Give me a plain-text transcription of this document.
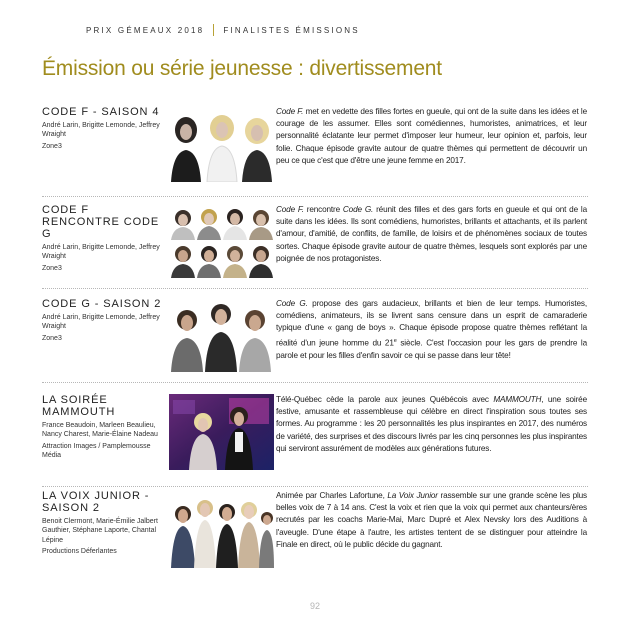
PRIX GÉMEAUX 2018 FINALISTES ÉMISSIONS
Émission ou série jeunesse : divertissement
CODE F - SAISON 4
André Larin, Brigitte Lemonde, Jeffrey Wraight
Zone3
Code F. met en vedette des filles fortes en gueule, qui ont de la suite dans les idées et le courage de les assumer. Elles sont comédiennes, humoristes, animatrices, et leur personnalité éclatante leur permet d'imposer leur humeur, leur opinion et, parfois, leur folie. Chaque épisode gravite autour de quatre thèmes qui permettent de découvrir un peu ce que c'est que d'être une jeune femme en 2017.
CODE F RENCONTRE CODE G
André Larin, Brigitte Lemonde, Jeffrey Wraight
Zone3
Code F. rencontre Code G. réunit des filles et des gars forts en gueule et qui ont de la suite dans les idées. Ils sont comédiens, humoristes, brillants et attachants, et ils parlent d'amour, d'amitié, de conflits, de famille, de loisirs et de phénomènes sociaux de toutes sortes. Chaque épisode gravite autour de quatre thèmes, lesquels sont explorés par une poignée de nos protagonistes.
CODE G - SAISON 2
André Larin, Brigitte Lemonde, Jeffrey Wraight
Zone3
Code G. propose des gars audacieux, brillants et bien de leur temps. Humoristes, comédiens, animateurs, ils se livrent sans censure dans un esprit de camaraderie typique d'une « gang de boys ». Chaque épisode propose quatre thèmes reflétant la réalité d'un jeune homme du 21e siècle. C'est l'occasion pour les gars de prendre la parole et pour les filles d'enfin savoir ce qui se passe dans leur tête!
LA SOIRÉE MAMMOUTH
France Beaudoin, Marleen Beaulieu, Nancy Charest, Marie-Élaine Nadeau
Attraction Images / Pamplemousse Média
Télé-Québec cède la parole aux jeunes Québécois avec MAMMOUTH, une soirée festive, amusante et rassembleuse qui célèbre en direct l'inspiration sous toutes ses formes. Au programme : les 20 personnalités les plus inspirantes en 2017, des numéros de variété, des surprises et des discours livrés par les cinq personnes les plus inspirantes qui serviront assurément de modèles aux générations futures.
LA VOIX JUNIOR - SAISON 2
Benoit Clermont, Marie-Émilie Jalbert Gauthier, Stéphane Laporte, Chantal Lépine
Productions Déferlantes
Animée par Charles Lafortune, La Voix Junior rassemble sur une grande scène les plus belles voix de 7 à 14 ans. C'est la voix et rien que la voix qui permet aux chanteurs/ères recrutés par les coachs Marie-Mai, Marc Dupré et Alex Nevsky lors des Auditions à l'aveugle. D'une étape à l'autre, les artistes tentent de se distinguer pour atteindre la Finale en direct, où le public décide du gagnant.
92
